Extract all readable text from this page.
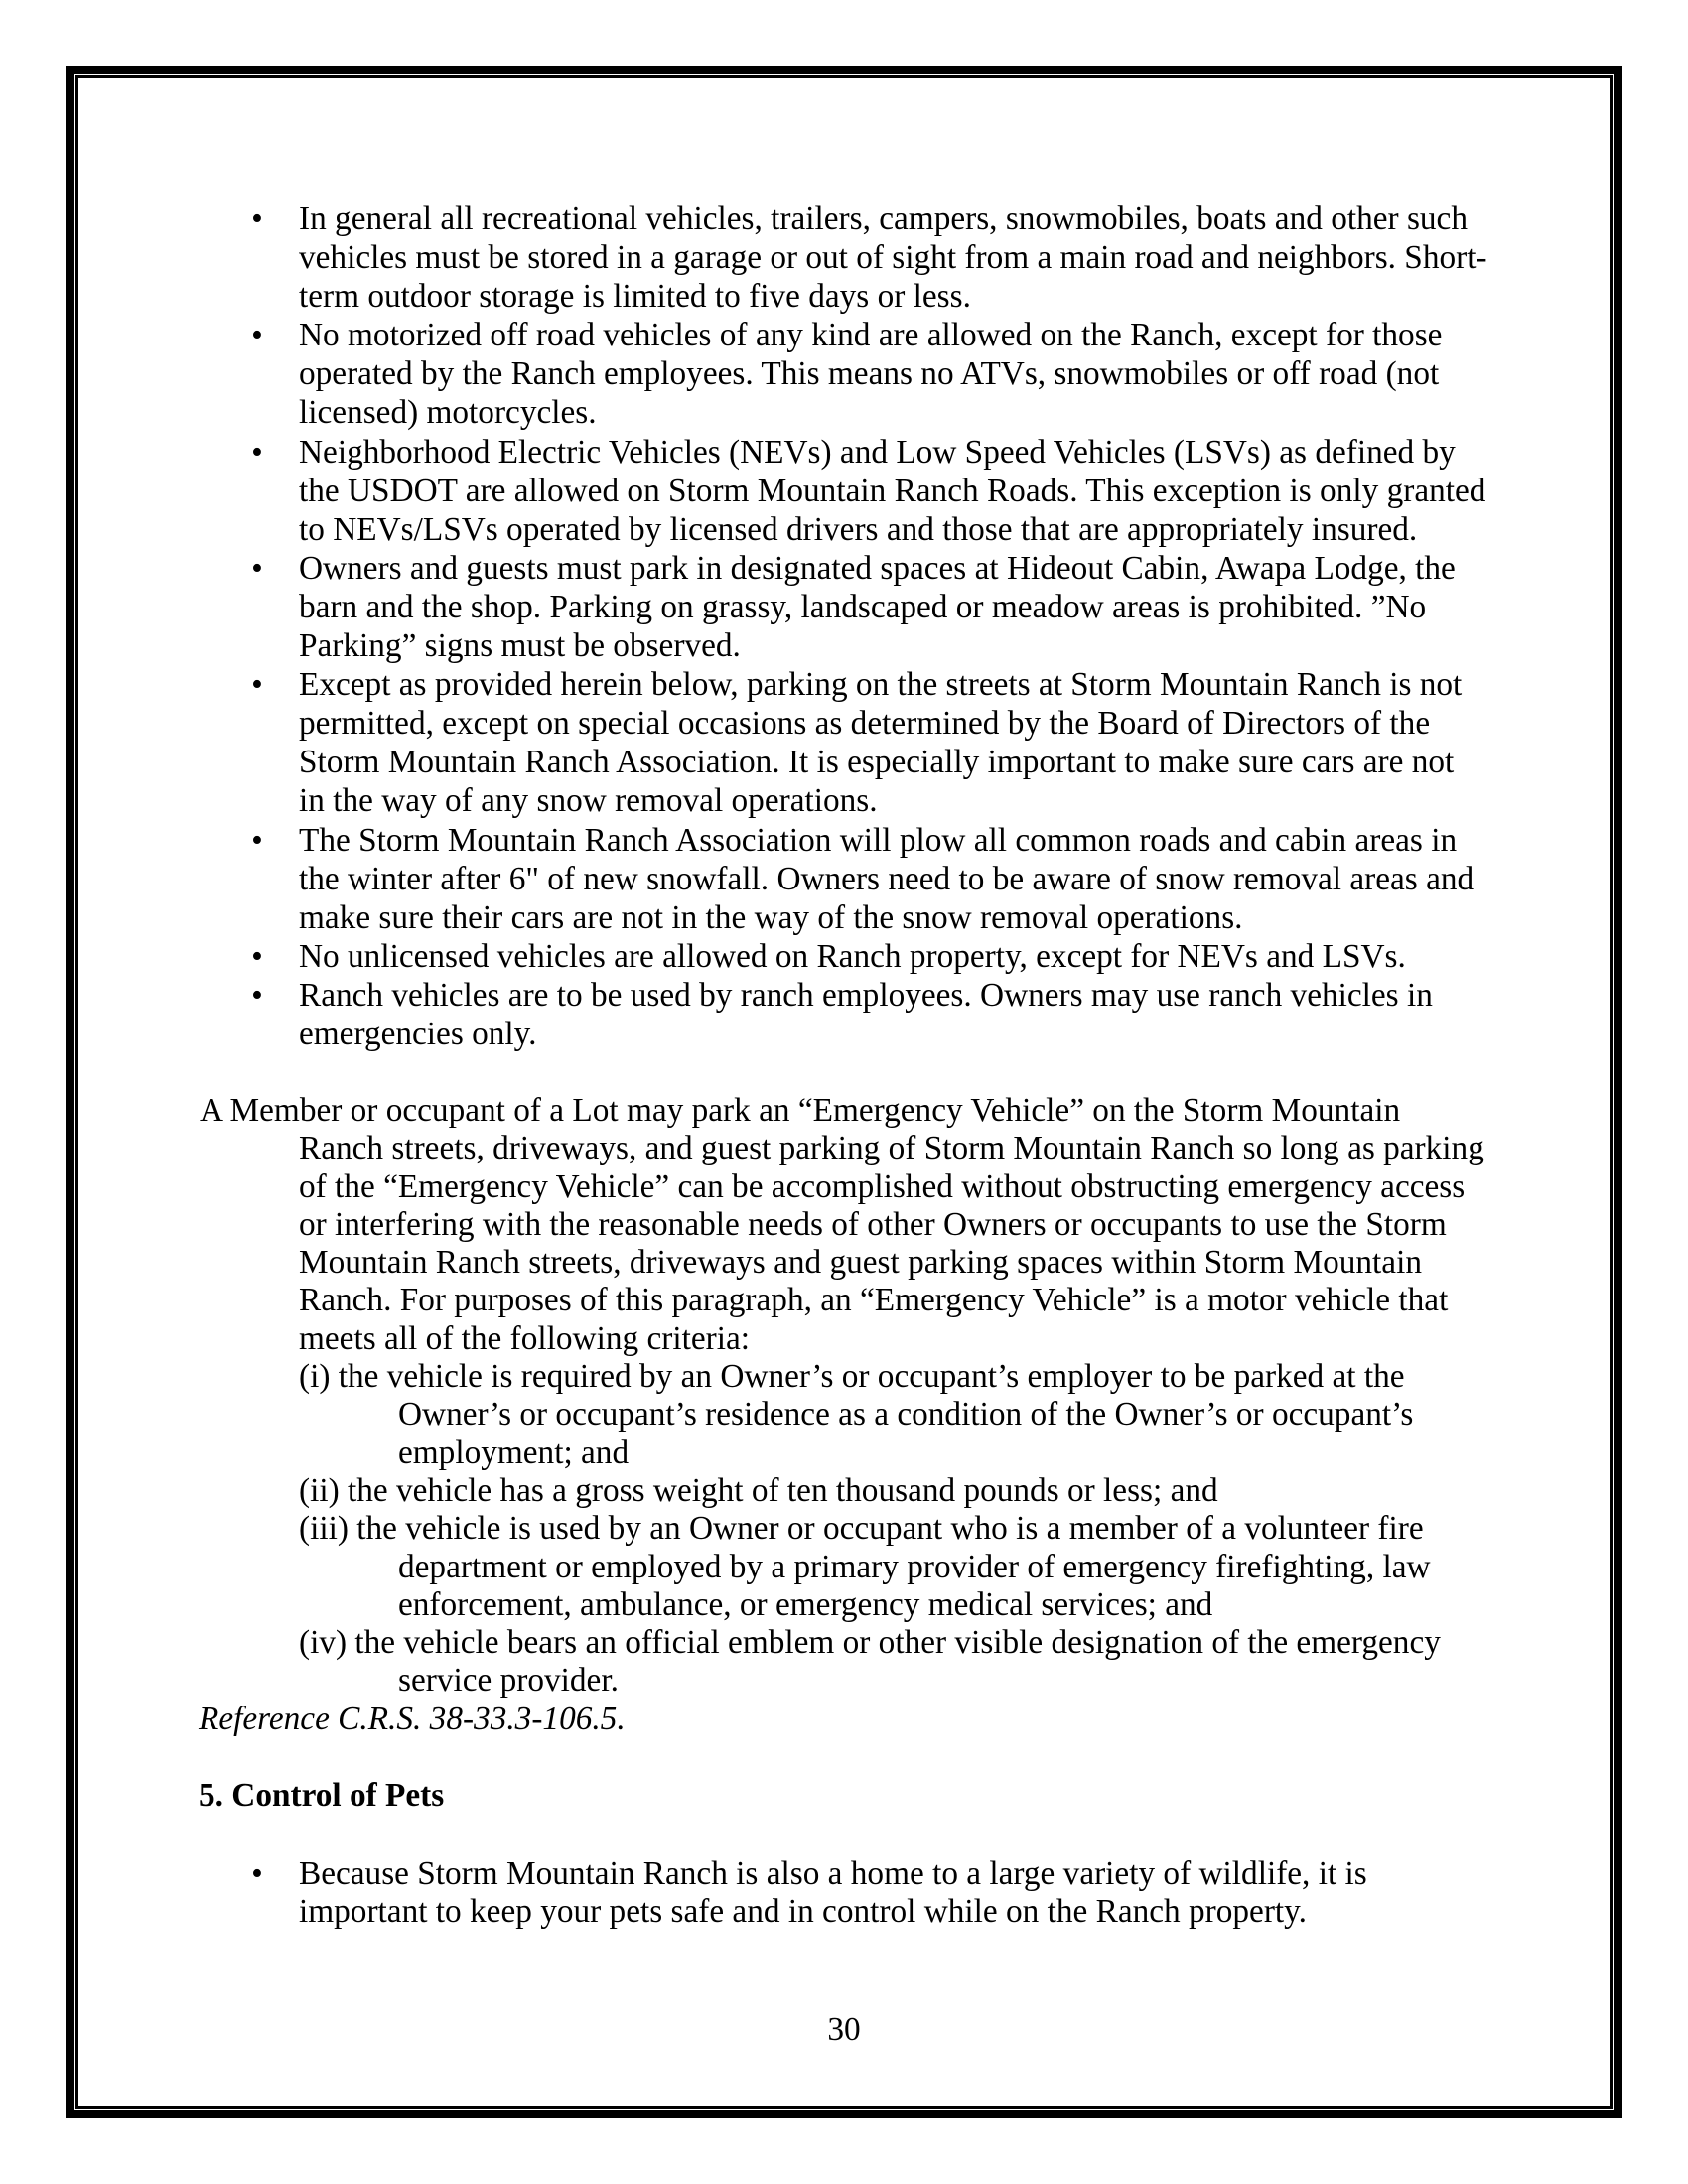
• In general all recreational vehicles, trailers, campers, snowmobiles, boats and other such
vehicles must be stored in a garage or out of sight from a main road and neighbors. Short-
term outdoor storage is limited to five days or less.
• No motorized off road vehicles of any kind are allowed on the Ranch, except for those
operated by the Ranch employees. This means no ATVs, snowmobiles or off road (not
licensed) motorcycles.
• Neighborhood Electric Vehicles (NEVs) and Low Speed Vehicles (LSVs) as defined by
the USDOT are allowed on Storm Mountain Ranch Roads. This exception is only granted
to NEVs/LSVs operated by licensed drivers and those that are appropriately insured.
• Owners and guests must park in designated spaces at Hideout Cabin, Awapa Lodge, the
barn and the shop. Parking on grassy, landscaped or meadow areas is prohibited. ”No
Parking” signs must be observed.
• Except as provided herein below, parking on the streets at Storm Mountain Ranch is not
permitted, except on special occasions as determined by the Board of Directors of the
Storm Mountain Ranch Association. It is especially important to make sure cars are not
in the way of any snow removal operations.
• The Storm Mountain Ranch Association will plow all common roads and cabin areas in
the winter after 6" of new snowfall. Owners need to be aware of snow removal areas and
make sure their cars are not in the way of the snow removal operations.
• No unlicensed vehicles are allowed on Ranch property, except for NEVs and LSVs.
• Ranch vehicles are to be used by ranch employees. Owners may use ranch vehicles in
emergencies only.
A Member or occupant of a Lot may park an “Emergency Vehicle” on the Storm Mountain
Ranch streets, driveways, and guest parking of Storm Mountain Ranch so long as parking
of the “Emergency Vehicle” can be accomplished without obstructing emergency access
or interfering with the reasonable needs of other Owners or occupants to use the Storm
Mountain Ranch streets, driveways and guest parking spaces within Storm Mountain
Ranch. For purposes of this paragraph, an “Emergency Vehicle” is a motor vehicle that
meets all of the following criteria:
(i) the vehicle is required by an Owner’s or occupant’s employer to be parked at the
Owner’s or occupant’s residence as a condition of the Owner’s or occupant’s
employment; and
(ii) the vehicle has a gross weight of ten thousand pounds or less; and
(iii) the vehicle is used by an Owner or occupant who is a member of a volunteer fire
department or employed by a primary provider of emergency firefighting, law
enforcement, ambulance, or emergency medical services; and
(iv) the vehicle bears an official emblem or other visible designation of the emergency
service provider.
Reference C.R.S. 38-33.3-106.5.
5. Control of Pets
• Because Storm Mountain Ranch is also a home to a large variety of wildlife, it is
important to keep your pets safe and in control while on the Ranch property.
30
